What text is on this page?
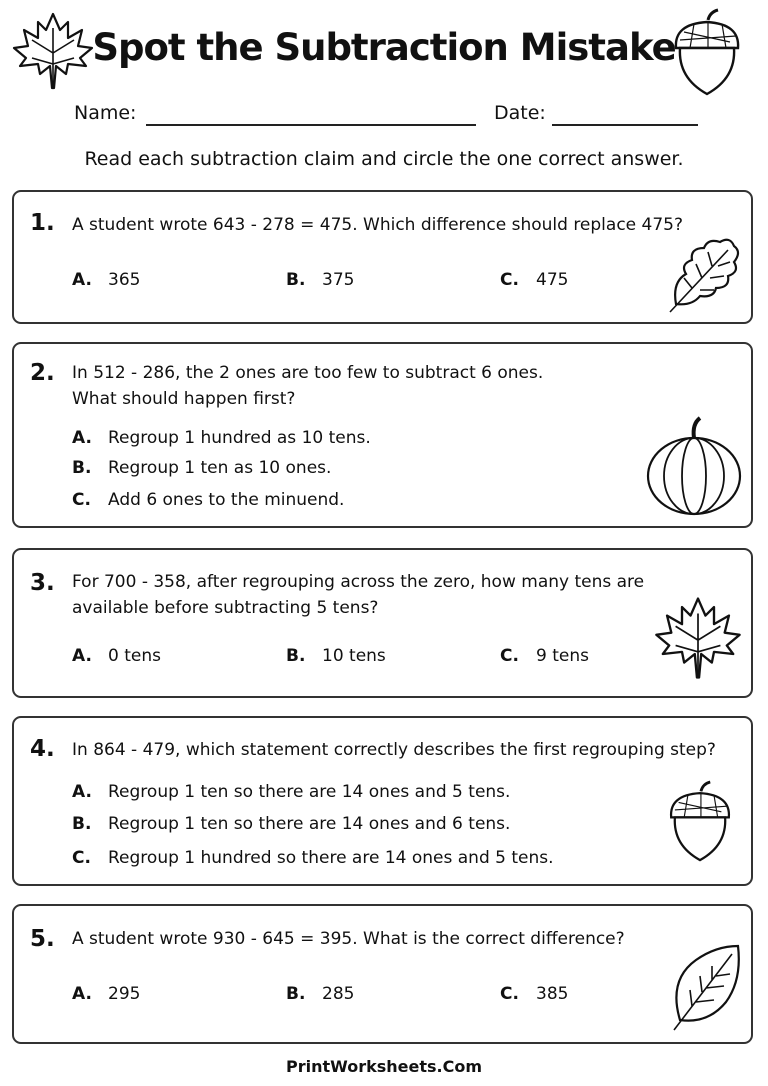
Spot the Subtraction Mistake
Name:	Date:
Read each subtraction claim and circle the one correct answer.
1. A student wrote 643 - 278 = 475. Which difference should replace 475?
A. 365	B. 375	C. 475
2. In 512 - 286, the 2 ones are too few to subtract 6 ones.
What should happen first?
A. Regroup 1 hundred as 10 tens.
B. Regroup 1 ten as 10 ones.
C. Add 6 ones to the minuend.
3. For 700 - 358, after regrouping across the zero, how many tens are
available before subtracting 5 tens?
A. 0 tens	B. 10 tens	C. 9 tens
4. In 864 - 479, which statement correctly describes the first regrouping step?
A. Regroup 1 ten so there are 14 ones and 5 tens.
B. Regroup 1 ten so there are 14 ones and 6 tens.
C. Regroup 1 hundred so there are 14 ones and 5 tens.
5. A student wrote 930 - 645 = 395. What is the correct difference?
A. 295	B. 285	C. 385
PrintWorksheets.Com
